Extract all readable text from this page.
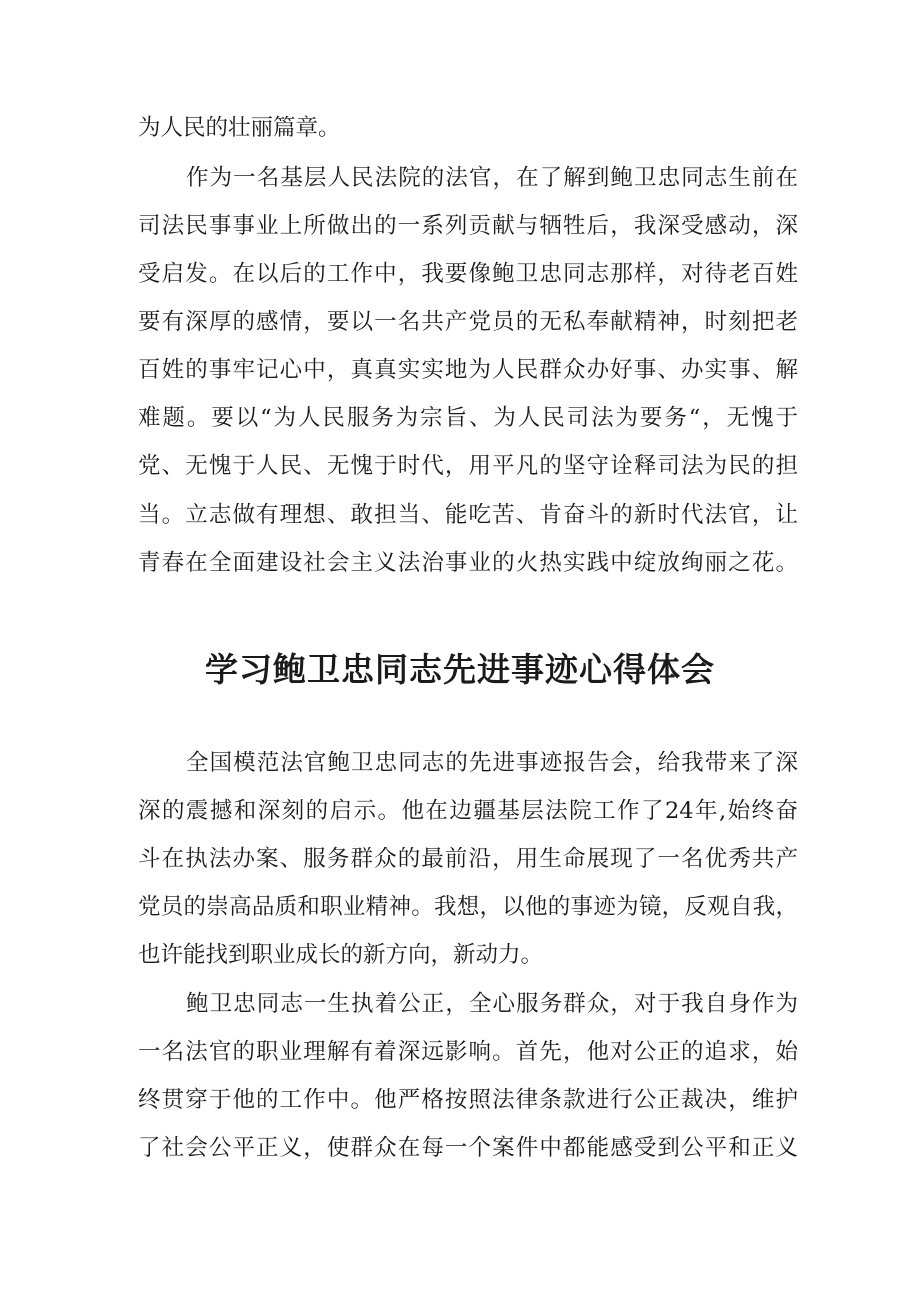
为人民的壮丽篇章。

作为一名基层人民法院的法官，在了解到鲍卫忠同志生前在

司法民事事业上所做出的一系列贡献与牺牲后，我深受感动，深

受启发。在以后的工作中，我要像鲍卫忠同志那样，对待老百姓

要有深厚的感情，要以一名共产党员的无私奉献精神，时刻把老

百姓的事牢记心中，真真实实地为人民群众办好事、办实事、解

难题。要以“为人民服务为宗旨、为人民司法为要务“，无愧于

党、无愧于人民、无愧于时代，用平凡的坚守诠释司法为民的担

当。立志做有理想、敢担当、能吃苦、肯奋斗的新时代法官，让

青春在全面建设社会主义法治事业的火热实践中绽放绚丽之花。

学习鲍卫忠同志先进事迹心得体会

全国模范法官鲍卫忠同志的先进事迹报告会，给我带来了深

深的震撼和深刻的启示。他在边疆基层法院工作了24年,始终奋

斗在执法办案、服务群众的最前沿，用生命展现了一名优秀共产

党员的崇高品质和职业精神。我想，以他的事迹为镜，反观自我，

也许能找到职业成长的新方向，新动力。

鲍卫忠同志一生执着公正，全心服务群众，对于我自身作为

一名法官的职业理解有着深远影响。首先，他对公正的追求，始

终贯穿于他的工作中。他严格按照法律条款进行公正裁决，维护

了社会公平正义，使群众在每一个案件中都能感受到公平和正义
